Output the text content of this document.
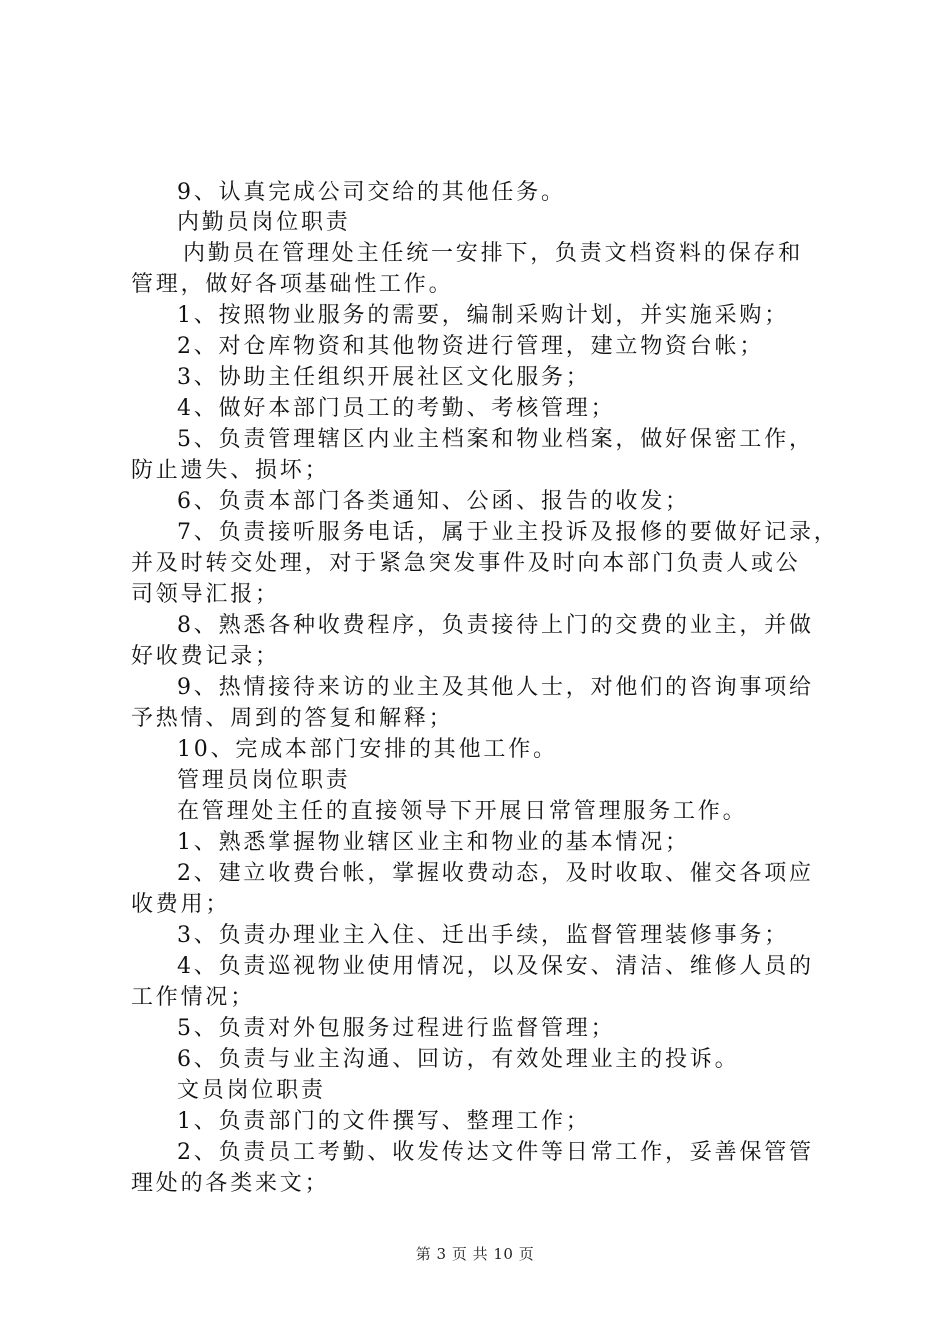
9、认真完成公司交给的其他任务。
内勤员岗位职责
内勤员在管理处主任统一安排下，负责文档资料的保存和
管理，做好各项基础性工作。
1、按照物业服务的需要，编制采购计划，并实施采购；
2、对仓库物资和其他物资进行管理，建立物资台帐；
3、协助主任组织开展社区文化服务；
4、做好本部门员工的考勤、考核管理；
5、负责管理辖区内业主档案和物业档案，做好保密工作，
防止遗失、损坏；
6、负责本部门各类通知、公函、报告的收发；
7、负责接听服务电话，属于业主投诉及报修的要做好记录，
并及时转交处理，对于紧急突发事件及时向本部门负责人或公
司领导汇报；
8、熟悉各种收费程序，负责接待上门的交费的业主，并做
好收费记录；
9、热情接待来访的业主及其他人士，对他们的咨询事项给
予热情、周到的答复和解释；
10、完成本部门安排的其他工作。
管理员岗位职责
在管理处主任的直接领导下开展日常管理服务工作。
1、熟悉掌握物业辖区业主和物业的基本情况；
2、建立收费台帐，掌握收费动态，及时收取、催交各项应
收费用；
3、负责办理业主入住、迁出手续，监督管理装修事务；
4、负责巡视物业使用情况，以及保安、清洁、维修人员的
工作情况；
5、负责对外包服务过程进行监督管理；
6、负责与业主沟通、回访，有效处理业主的投诉。
文员岗位职责
1、负责部门的文件撰写、整理工作；
2、负责员工考勤、收发传达文件等日常工作，妥善保管管
理处的各类来文；
第 3 页 共 10 页
